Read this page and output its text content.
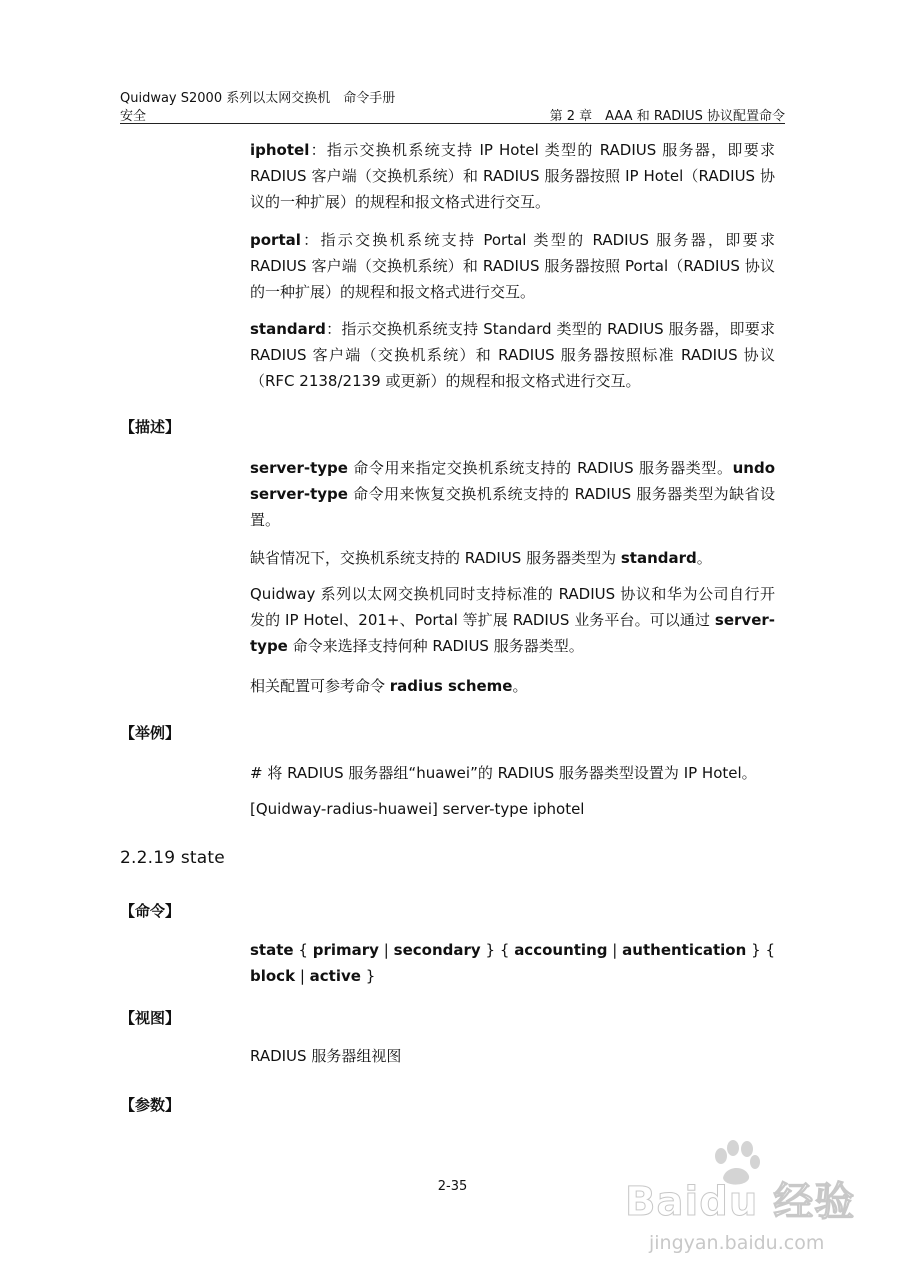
Quidway S2000 系列以太网交换机　命令手册
安全	第 2 章　AAA 和 RADIUS 协议配置命令
iphotel：指示交换机系统支持 IP Hotel 类型的 RADIUS 服务器，即要求 RADIUS 客户端（交换机系统）和 RADIUS 服务器按照 IP Hotel（RADIUS 协议的一种扩展）的规程和报文格式进行交互。
portal：指示交换机系统支持 Portal 类型的 RADIUS 服务器，即要求 RADIUS 客户端（交换机系统）和 RADIUS 服务器按照 Portal（RADIUS 协议的一种扩展）的规程和报文格式进行交互。
standard：指示交换机系统支持 Standard 类型的 RADIUS 服务器，即要求 RADIUS 客户端（交换机系统）和 RADIUS 服务器按照标准 RADIUS 协议（RFC 2138/2139 或更新）的规程和报文格式进行交互。
【描述】
server-type 命令用来指定交换机系统支持的 RADIUS 服务器类型。undo server-type 命令用来恢复交换机系统支持的 RADIUS 服务器类型为缺省设置。
缺省情况下，交换机系统支持的 RADIUS 服务器类型为 standard。
Quidway 系列以太网交换机同时支持标准的 RADIUS 协议和华为公司自行开发的 IP Hotel、201+、Portal 等扩展 RADIUS 业务平台。可以通过 server-type 命令来选择支持何种 RADIUS 服务器类型。
相关配置可参考命令 radius scheme。
【举例】
# 将 RADIUS 服务器组“huawei”的 RADIUS 服务器类型设置为 IP Hotel。
[Quidway-radius-huawei] server-type iphotel
2.2.19 state
【命令】
state { primary | secondary } { accounting | authentication } { block | active }
【视图】
RADIUS 服务器组视图
【参数】
2-35	Baidu 经验
jingyan.baidu.com
